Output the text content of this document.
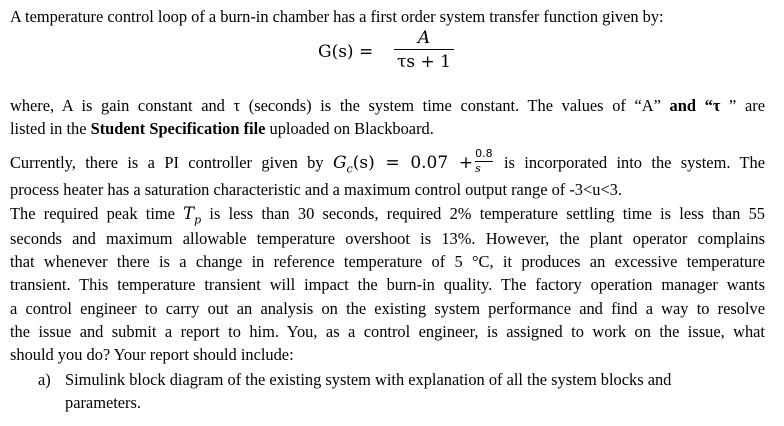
A temperature control loop of a burn-in chamber has a first order system transfer function given by:
G(s) =
A
τs + 1
where, A is gain constant and τ (seconds) is the system time constant. The values of “A” and “τ ” are
listed in the Student Specification file uploaded on Blackboard.
Currently, there is a PI controller given by $G_c(s) = 0.07 + \frac{0.8}{s}$ is incorporated into the system. The
process heater has a saturation characteristic and a maximum control output range of -3<u<3.
The required peak time $T_p$ is less than 30 seconds, required 2% temperature settling time is less than 55
seconds and maximum allowable temperature overshoot is 13%. However, the plant operator complains
that whenever there is a change in reference temperature of 5 °C, it produces an excessive temperature
transient. This temperature transient will impact the burn-in quality. The factory operation manager wants
a control engineer to carry out an analysis on the existing system performance and find a way to resolve
the issue and submit a report to him. You, as a control engineer, is assigned to work on the issue, what
should you do? Your report should include:
a) Simulink block diagram of the existing system with explanation of all the system blocks and
parameters.
